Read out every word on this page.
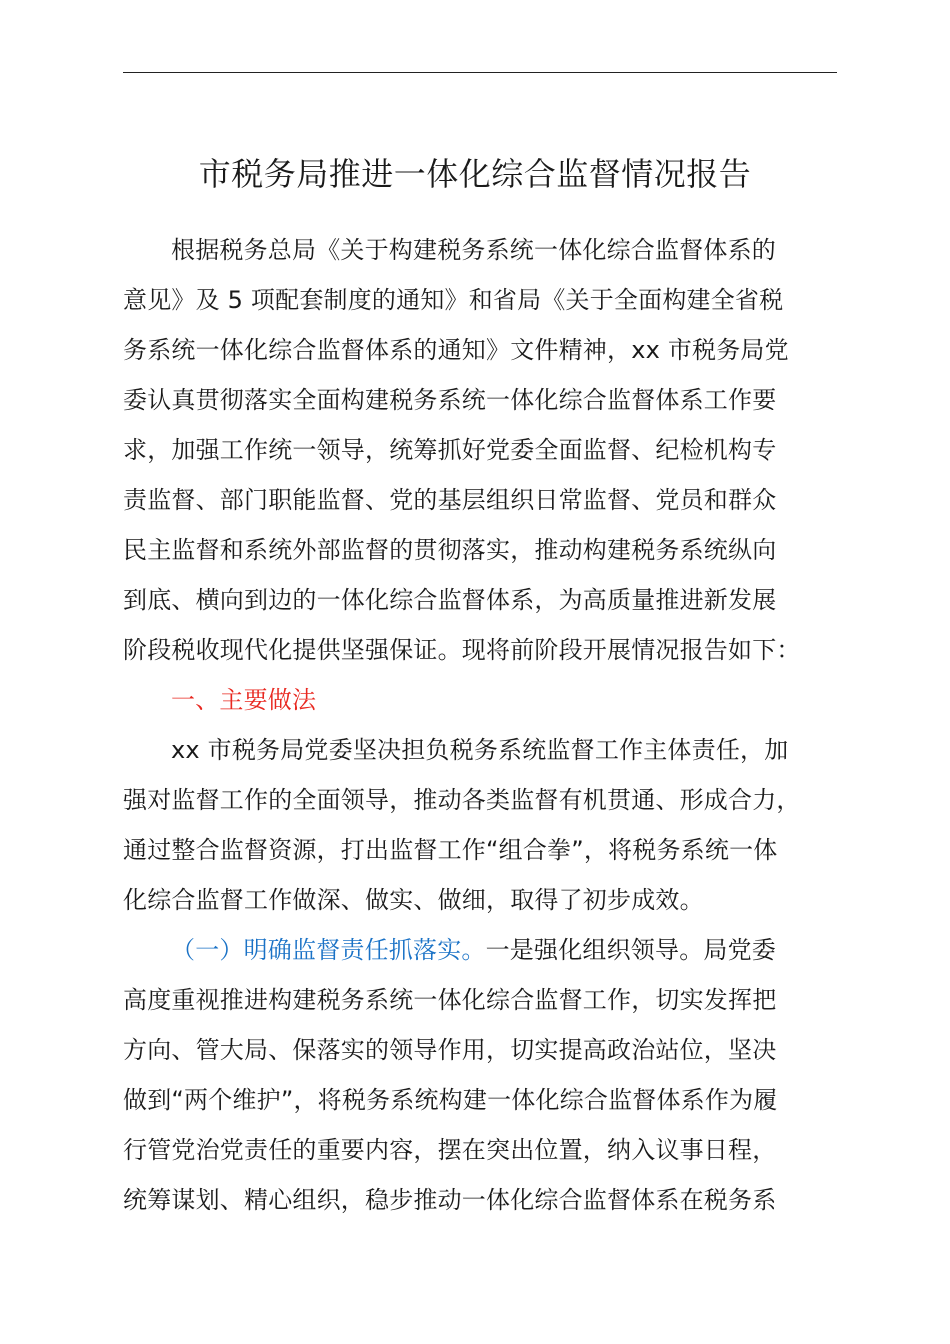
市税务局推进一体化综合监督情况报告
根据税务总局《关于构建税务系统一体化综合监督体系的
意见》及 5 项配套制度的通知》和省局《关于全面构建全省税
务系统一体化综合监督体系的通知》文件精神，xx 市税务局党
委认真贯彻落实全面构建税务系统一体化综合监督体系工作要
求，加强工作统一领导，统筹抓好党委全面监督、纪检机构专
责监督、部门职能监督、党的基层组织日常监督、党员和群众
民主监督和系统外部监督的贯彻落实，推动构建税务系统纵向
到底、横向到边的一体化综合监督体系，为高质量推进新发展
阶段税收现代化提供坚强保证。现将前阶段开展情况报告如下：
一、主要做法
xx 市税务局党委坚决担负税务系统监督工作主体责任，加
强对监督工作的全面领导，推动各类监督有机贯通、形成合力，
通过整合监督资源，打出监督工作“组合拳”，将税务系统一体
化综合监督工作做深、做实、做细，取得了初步成效。
（一）明确监督责任抓落实。一是强化组织领导。局党委
高度重视推进构建税务系统一体化综合监督工作，切实发挥把
方向、管大局、保落实的领导作用，切实提高政治站位，坚决
做到“两个维护”，将税务系统构建一体化综合监督体系作为履
行管党治党责任的重要内容，摆在突出位置，纳入议事日程，
统筹谋划、精心组织，稳步推动一体化综合监督体系在税务系
